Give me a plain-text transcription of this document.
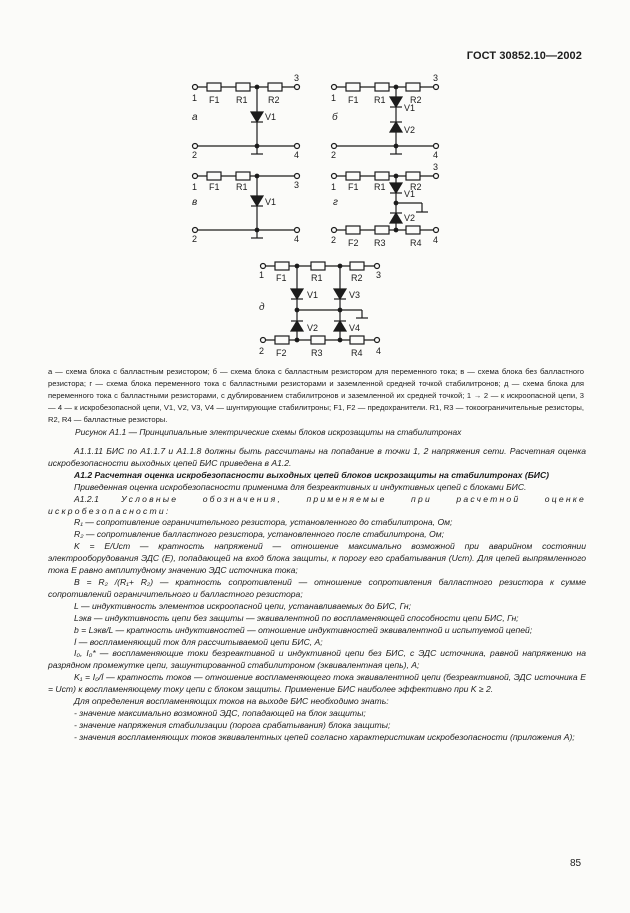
ГОСТ 30852.10—2002
1
3
F1 R1 R2
V1
а
2	4
1
3
F1 R1	R2
V1
V2
б
2	4
1	3
F1 R1
V1
в
2	4
1
3
F1 R1	R2
V1
V2
г
2	4
F2 R3	R4
1	3
F1	R1	R2
V1	V3
V2	V4
д
2	4
F2	R3	R4
а — схема блока с балластным резистором; б — схема блока с балластным резистором для переменного тока; в — схема блока без балластного резистора; г — схема блока переменного тока с балластными резисторами и заземленной средней точкой стабилитронов; д — схема блока для переменного тока с балластными резисторами, с дублированием стабилитронов и заземленной их средней точкой; 1 → 2 — к искроопасной цепи, 3 — 4 — к искробезопасной цепи, V1, V2, V3, V4 — шунтирующие стабилитроны; F1, F2 — предохранители. R1, R3 — токоограничительные резисторы, R2, R4 — балластные резисторы.
Рисунок А1.1 — Принципиальные электрические схемы блоков искрозащиты на стабилитронах

А1.1.11 БИС по А1.1.7 и А1.1.8 должны быть рассчитаны на попадание в точки 1, 2 напряжения сети. Расчетная оценка искробезопасности выходных цепей БИС приведена в А1.2.

А1.2 Расчетная оценка искробезопасности выходных цепей блоков искрозащиты на стабилитронах (БИС)

Приведенная оценка искробезопасности применима для безреактивных и индуктивных цепей с блоками БИС.

А1.2.1	Условные обозначения, применяемые при расчетной оценке искробезопасности:

R₁ — сопротивление ограничительного резистора, установленного до стабилитрона, Ом;

R₂ — сопротивление балластного резистора, установленного после стабилитрона, Ом;

K = E/Uст — кратность напряжений — отношение максимально возможной при аварийном состоянии электрооборудования ЭДС (Е), попадающей на вход блока защиты, к порогу его срабатывания (Uст). Для цепей выпрямленного тока Е равно амплитудному значению ЭДС источника тока;

B = R₂ /(R₁+ R₂) — кратность сопротивлений — отношение сопротивления балластного резистора к сумме сопротивлений ограничительного и балластного резистора;

L — индуктивность элементов искроопасной цепи, устанавливаемых до БИС, Гн;

Lэкв — индуктивность цепи без защиты — эквивалентной по воспламеняющей способности цепи БИС, Гн;

b = Lэкв/L — кратность индуктивностей — отношение индуктивностей эквивалентной и испытуемой цепей;

İ — воспламеняющий ток для рассчитываемой цепи БИС, А;

I₀, I₀* — воспламеняющие токи безреактивной и индуктивной цепи без БИС, с ЭДС источника, равной напряжению на разрядном промежутке цепи, зашунтированной стабилитроном (эквивалентная цепь), А;

K₁ = I₀/İ — кратность токов — отношение воспламеняющего тока эквивалентной цепи (безреактивной, ЭДС источника Е = Uст) к воспламеняющему току цепи с блоком защиты. Применение БИС наиболее эффективно при K ≥ 2.

Для определения воспламеняющих токов на выходе БИС необходимо знать:

- значение максимально возможной ЭДС, попадающей на блок защиты;

- значение напряжения стабилизации (порога срабатывания) блока защиты;

- значения воспламеняющих токов эквивалентных цепей согласно характеристикам искробезопасности (приложения А);

85
